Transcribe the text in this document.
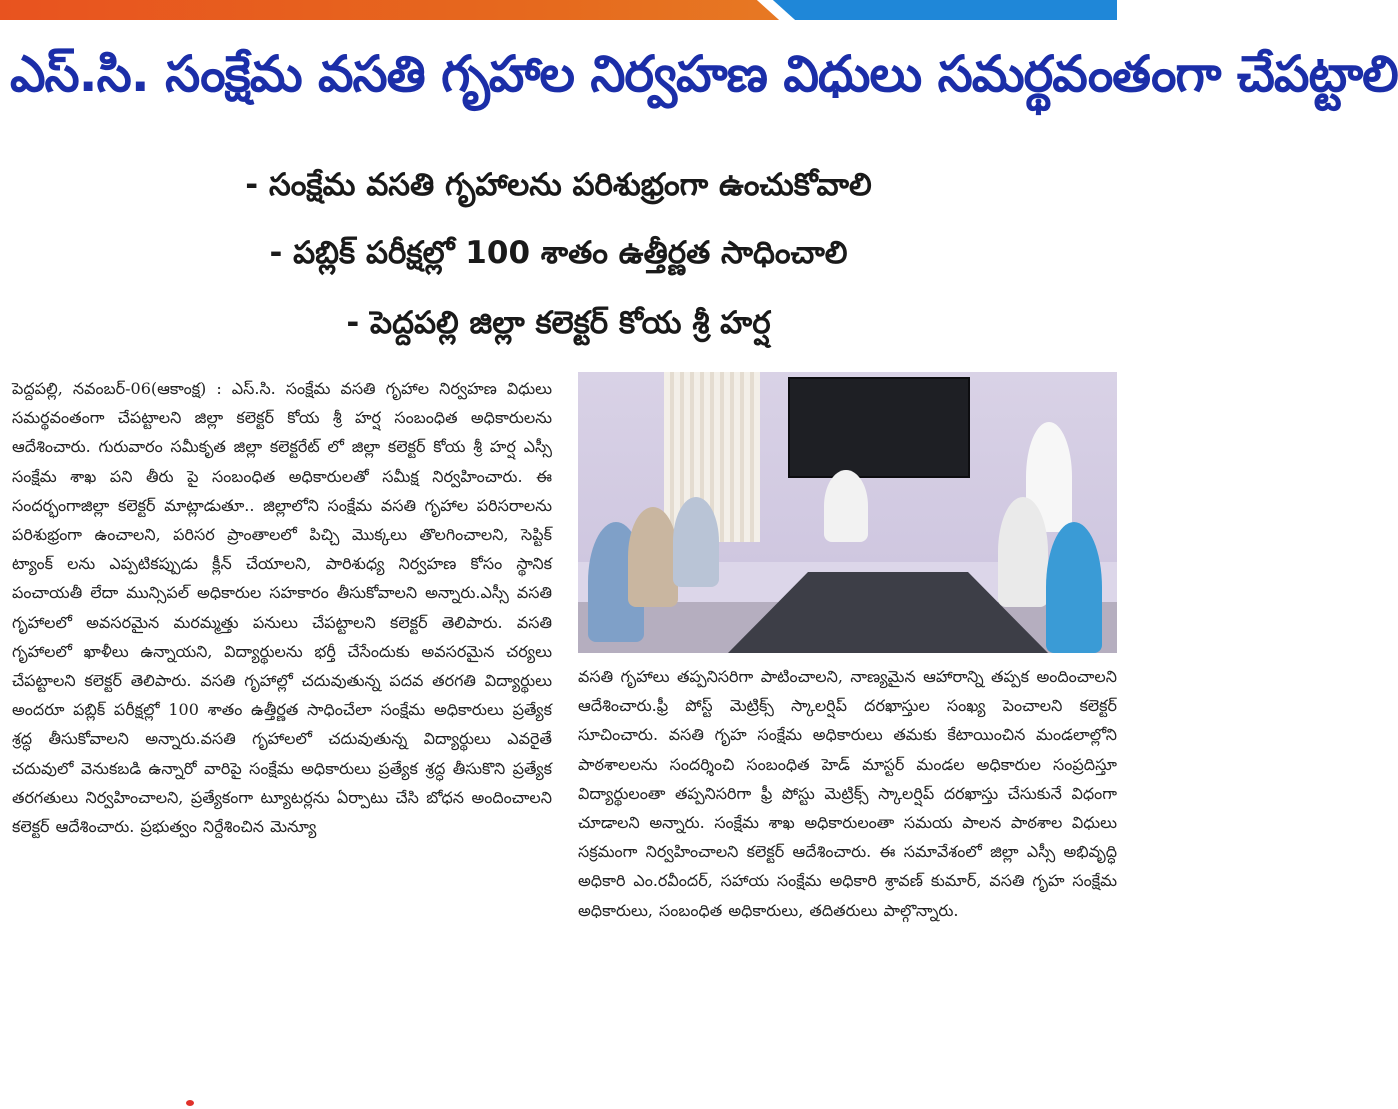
ఎస్.సి. సంక్షేమ వసతి గృహాల నిర్వహణ విధులు సమర్థవంతంగా చేపట్టాలి
- సంక్షేమ వసతి గృహాలను పరిశుభ్రంగా ఉంచుకోవాలి
- పబ్లిక్ పరీక్షల్లో 100 శాతం ఉత్తీర్ణత సాధించాలి
- పెద్దపల్లి జిల్లా కలెక్టర్ కోయ శ్రీ హర్ష

పెద్దపల్లి, నవంబర్-06(ఆకాంక్ష) : ఎస్.సి. సంక్షేమ వసతి గృహాల నిర్వహణ విధులు సమర్థవంతంగా చేపట్టాలని జిల్లా కలెక్టర్ కోయ శ్రీ హర్ష సంబంధిత అధికారులను ఆదేశించారు. గురువారం సమీకృత జిల్లా కలెక్టరేట్ లో జిల్లా కలెక్టర్ కోయ శ్రీ హర్ష ఎస్సీ సంక్షేమ శాఖ పని తీరు పై సంబంధిత అధికారులతో సమీక్ష నిర్వహించారు. ఈ సందర్భంగాజిల్లా కలెక్టర్ మాట్లాడుతూ.. జిల్లాలోని సంక్షేమ వసతి గృహాల పరిసరాలను పరిశుభ్రంగా ఉంచాలని, పరిసర ప్రాంతాలలో పిచ్చి మొక్కలు తొలగించాలని, సెప్టిక్ ట్యాంక్ లను ఎప్పటికప్పుడు క్లీన్ చేయాలని, పారిశుధ్య నిర్వహణ కోసం స్థానిక పంచాయతీ లేదా మున్సిపల్ అధికారుల సహకారం తీసుకోవాలని అన్నారు.ఎస్సీ వసతి గృహాలలో అవసరమైన మరమ్మత్తు పనులు చేపట్టాలని కలెక్టర్ తెలిపారు. వసతి గృహాలలో ఖాళీలు ఉన్నాయని, విద్యార్థులను భర్తీ చేసేందుకు అవసరమైన చర్యలు చేపట్టాలని కలెక్టర్ తెలిపారు. వసతి గృహాల్లో చదువుతున్న పదవ తరగతి విద్యార్థులు అందరూ పబ్లిక్ పరీక్షల్లో 100 శాతం ఉత్తీర్ణత సాధించేలా సంక్షేమ అధికారులు ప్రత్యేక శ్రద్ధ తీసుకోవాలని అన్నారు.వసతి గృహాలలో చదువుతున్న విద్యార్థులు ఎవరైతే చదువులో వెనుకబడి ఉన్నారో వారిపై సంక్షేమ అధికారులు ప్రత్యేక శ్రద్ధ తీసుకొని ప్రత్యేక తరగతులు నిర్వహించాలని, ప్రత్యేకంగా ట్యూటర్లను ఏర్పాటు చేసి బోధన అందించాలని కలెక్టర్ ఆదేశించారు. ప్రభుత్వం నిర్దేశించిన మెన్యూ

వసతి గృహాలు తప్పనిసరిగా పాటించాలని, నాణ్యమైన ఆహారాన్ని తప్పక అందించాలని ఆదేశించారు.ఫ్రీ పోస్ట్ మెట్రిక్స్ స్కాలర్షిప్ దరఖాస్తుల సంఖ్య పెంచాలని కలెక్టర్ సూచించారు. వసతి గృహ సంక్షేమ అధికారులు తమకు కేటాయించిన మండలాల్లోని పాఠశాలలను సందర్శించి సంబంధిత హెడ్ మాస్టర్ మండల అధికారుల సంప్రదిస్తూ విద్యార్థులంతా తప్పనిసరిగా ఫ్రీ పోస్టు మెట్రిక్స్ స్కాలర్షిప్ దరఖాస్తు చేసుకునే విధంగా చూడాలని అన్నారు. సంక్షేమ శాఖ అధికారులంతా సమయ పాలన పాఠశాల విధులు సక్రమంగా నిర్వహించాలని కలెక్టర్ ఆదేశించారు. ఈ సమావేశంలో జిల్లా ఎస్సీ అభివృద్ధి అధికారి ఎం.రవీందర్, సహాయ సంక్షేమ అధికారి శ్రావణ్ కుమార్, వసతి గృహ సంక్షేమ అధికారులు, సంబంధిత అధికారులు, తదితరులు పాల్గొన్నారు.
